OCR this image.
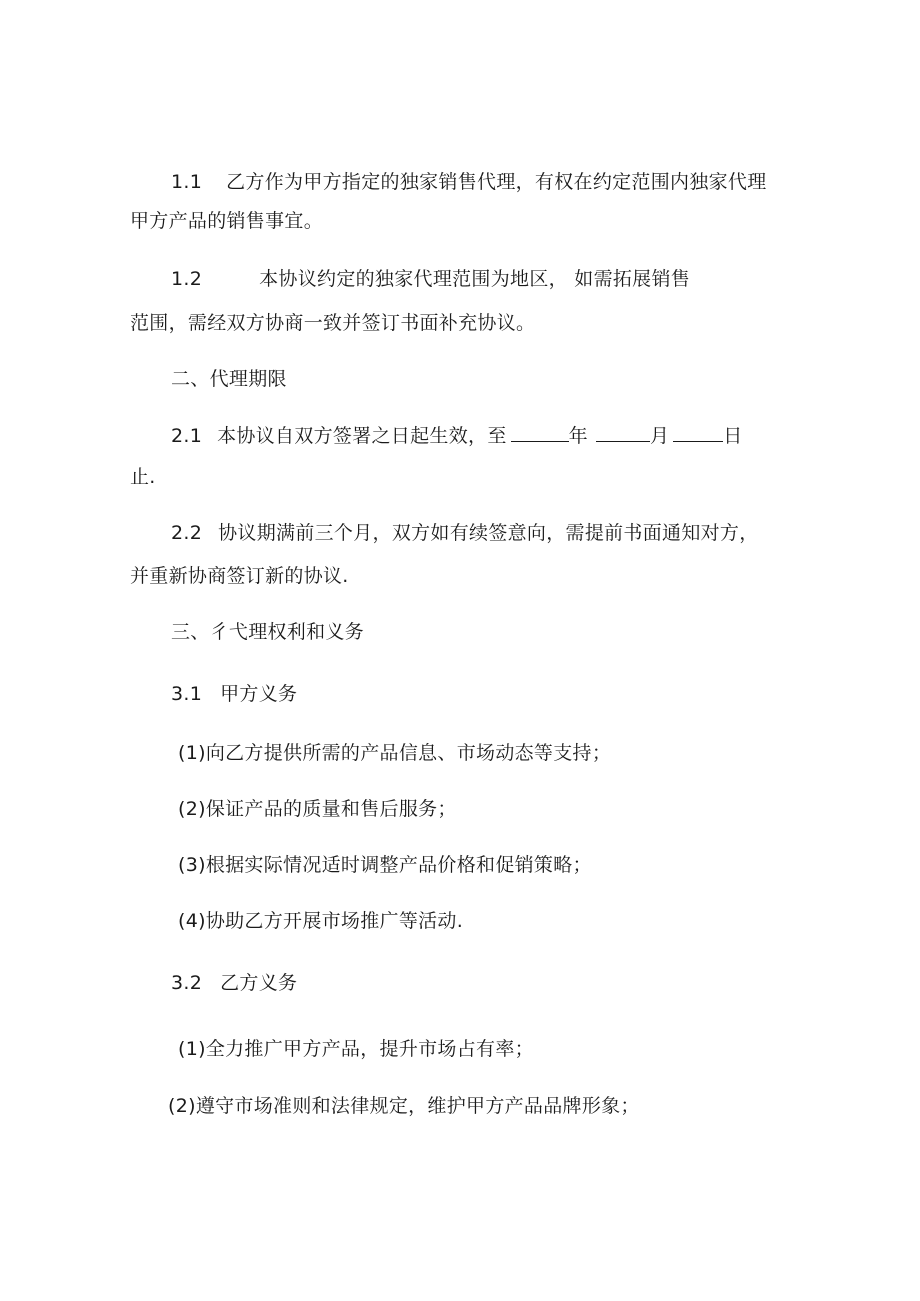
1.1 乙方作为甲方指定的独家销售代理，有权在约定范围内独家代理
甲方产品的销售事宜。
1.2	本协议约定的独家代理范围为地区， 如需拓展销售
范围，需经双方协商一致并签订书面补充协议。
二、代理期限
2.1 本协议自双方签署之日起生效，至	年	月	日
止.
2.2 协议期满前三个月，双方如有续签意向，需提前书面通知对方，
并重新协商签订新的协议.
三、彳弋理权利和义务
3.1 甲方义务
(1)向乙方提供所需的产品信息、市场动态等支持；
(2)保证产品的质量和售后服务；
(3)根据实际情况适时调整产品价格和促销策略；
(4)协助乙方开展市场推广等活动.
3.2 乙方义务
(1)全力推广甲方产品，提升市场占有率；
(2)遵守市场准则和法律规定，维护甲方产品品牌形象；
